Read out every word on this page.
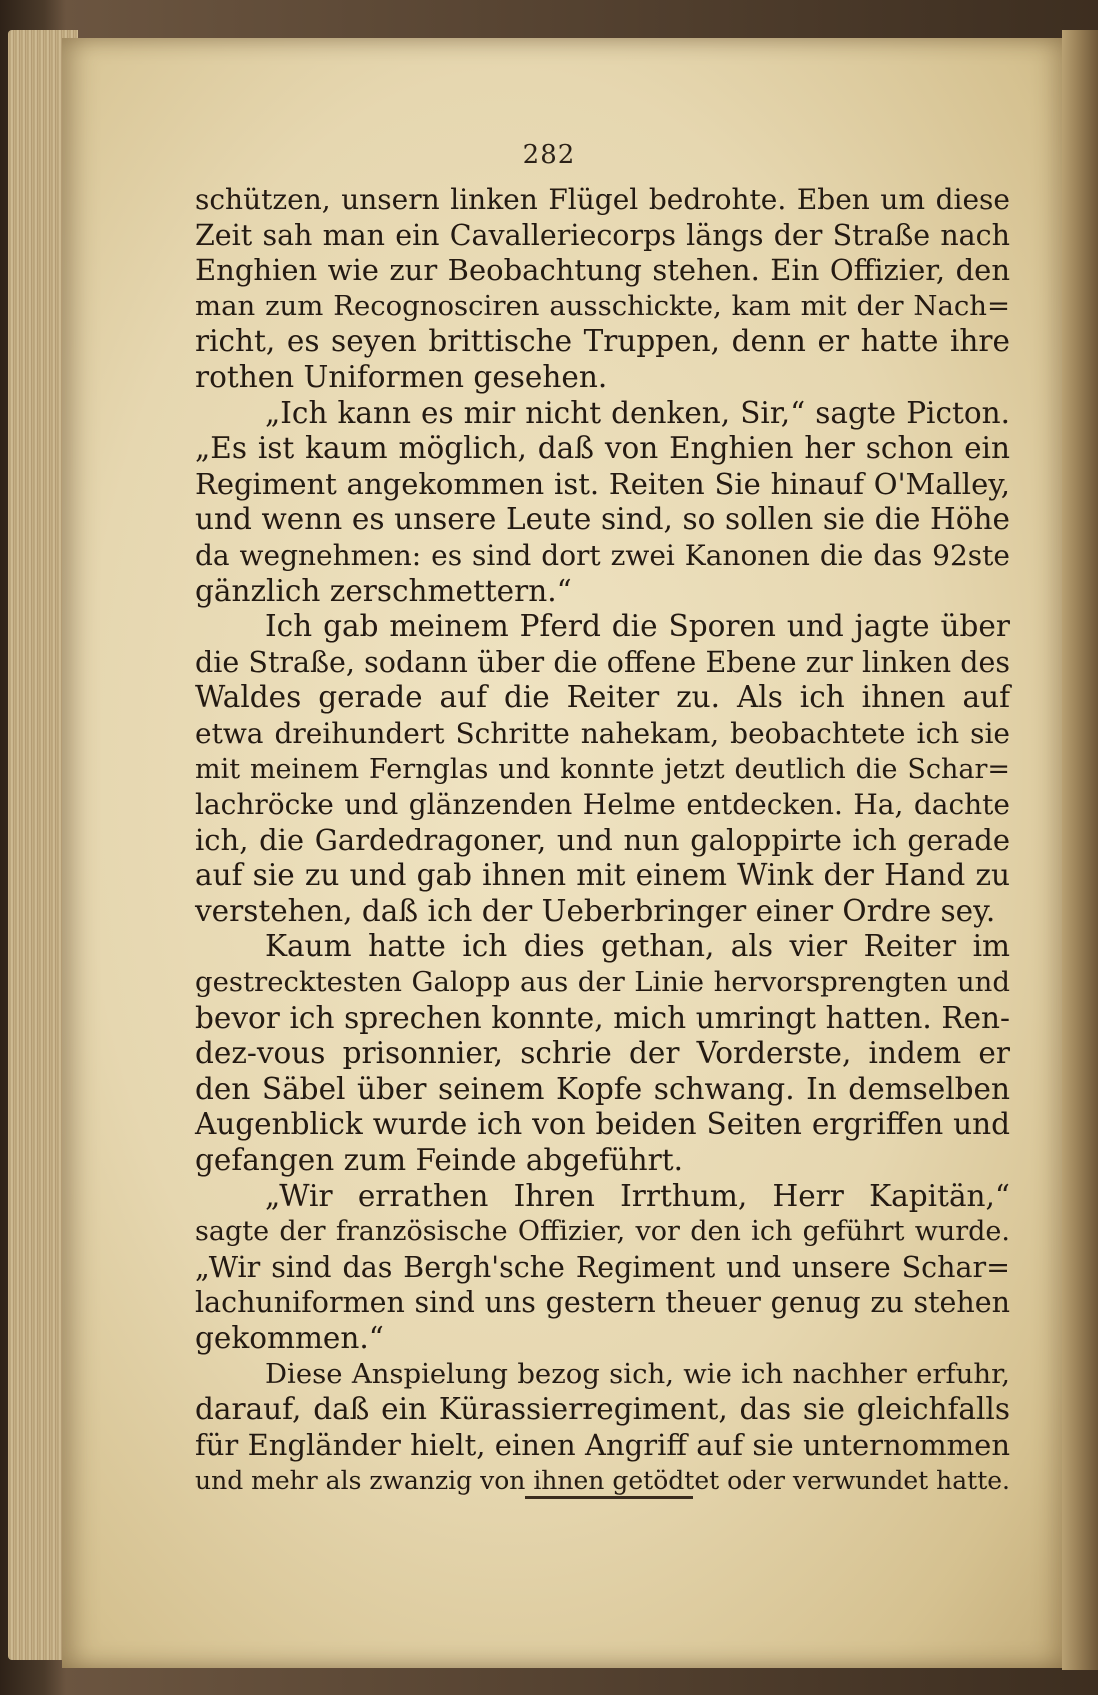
282
schützen, unsern linken Flügel bedrohte. Eben um diese
Zeit sah man ein Cavalleriecorps längs der Straße nach
Enghien wie zur Beobachtung stehen. Ein Offizier, den
man zum Recognosciren ausschickte, kam mit der Nach=
richt, es seyen brittische Truppen, denn er hatte ihre
rothen Uniformen gesehen.
„Ich kann es mir nicht denken, Sir,“ sagte Picton.
„Es ist kaum möglich, daß von Enghien her schon ein
Regiment angekommen ist. Reiten Sie hinauf O'Malley,
und wenn es unsere Leute sind, so sollen sie die Höhe
da wegnehmen: es sind dort zwei Kanonen die das 92ste
gänzlich zerschmettern.“
Ich gab meinem Pferd die Sporen und jagte über
die Straße, sodann über die offene Ebene zur linken des
Waldes gerade auf die Reiter zu. Als ich ihnen auf
etwa dreihundert Schritte nahekam, beobachtete ich sie
mit meinem Fernglas und konnte jetzt deutlich die Schar=
lachröcke und glänzenden Helme entdecken. Ha, dachte
ich, die Gardedragoner, und nun galoppirte ich gerade
auf sie zu und gab ihnen mit einem Wink der Hand zu
verstehen, daß ich der Ueberbringer einer Ordre sey.
Kaum hatte ich dies gethan, als vier Reiter im
gestrecktesten Galopp aus der Linie hervorsprengten und
bevor ich sprechen konnte, mich umringt hatten. Ren-
dez-vous prisonnier, schrie der Vorderste, indem er
den Säbel über seinem Kopfe schwang. In demselben
Augenblick wurde ich von beiden Seiten ergriffen und
gefangen zum Feinde abgeführt.
„Wir errathen Ihren Irrthum, Herr Kapitän,“
sagte der französische Offizier, vor den ich geführt wurde.
„Wir sind das Bergh'sche Regiment und unsere Schar=
lachuniformen sind uns gestern theuer genug zu stehen
gekommen.“
Diese Anspielung bezog sich, wie ich nachher erfuhr,
darauf, daß ein Kürassierregiment, das sie gleichfalls
für Engländer hielt, einen Angriff auf sie unternommen
und mehr als zwanzig von ihnen getödtet oder verwundet hatte.
